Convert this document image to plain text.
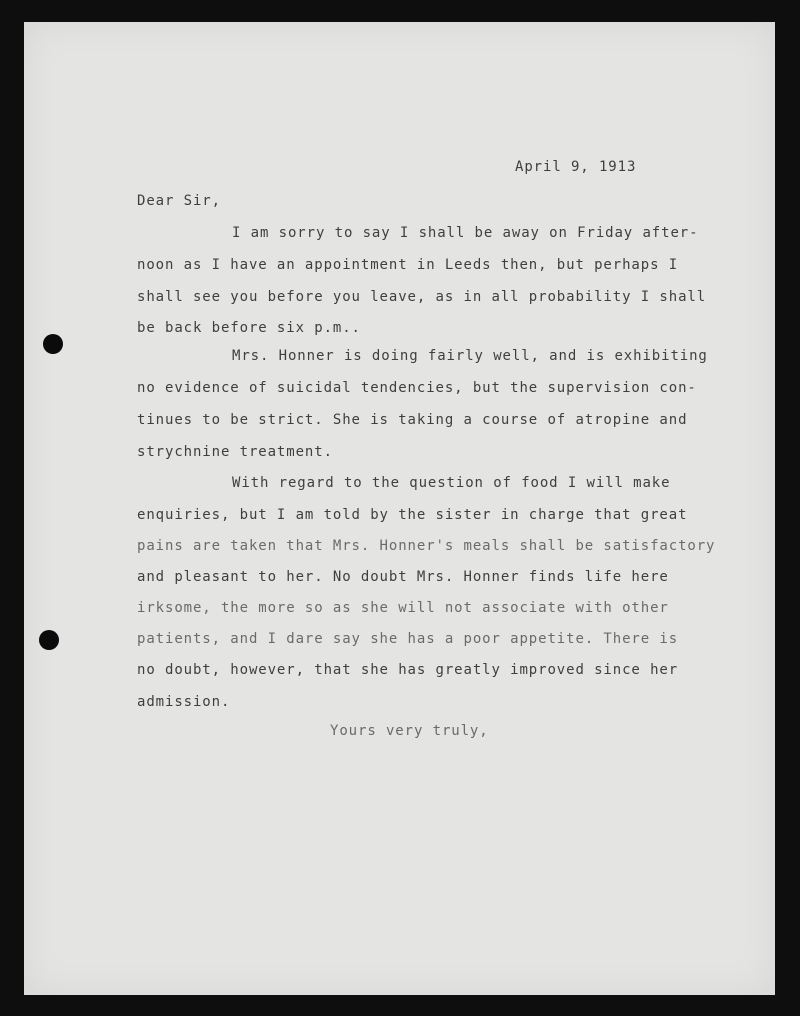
April 9, 1913
Dear Sir,
I am sorry to say I shall be away on Friday after-
noon as I have an appointment in Leeds then, but perhaps I
shall see you before you leave, as in all probability I shall
be back before six p.m..
Mrs. Honner is doing fairly well, and is exhibiting
no evidence of suicidal tendencies, but the supervision con-
tinues to be strict. She is taking a course of atropine and
strychnine treatment.
With regard to the question of food I will make
enquiries, but I am told by the sister in charge that great
pains are taken that Mrs. Honner's meals shall be satisfactory
and pleasant to her. No doubt Mrs. Honner finds life here
irksome, the more so as she will not associate with other
patients, and I dare say she has a poor appetite. There is
no doubt, however, that she has greatly improved since her
admission.
Yours very truly,
